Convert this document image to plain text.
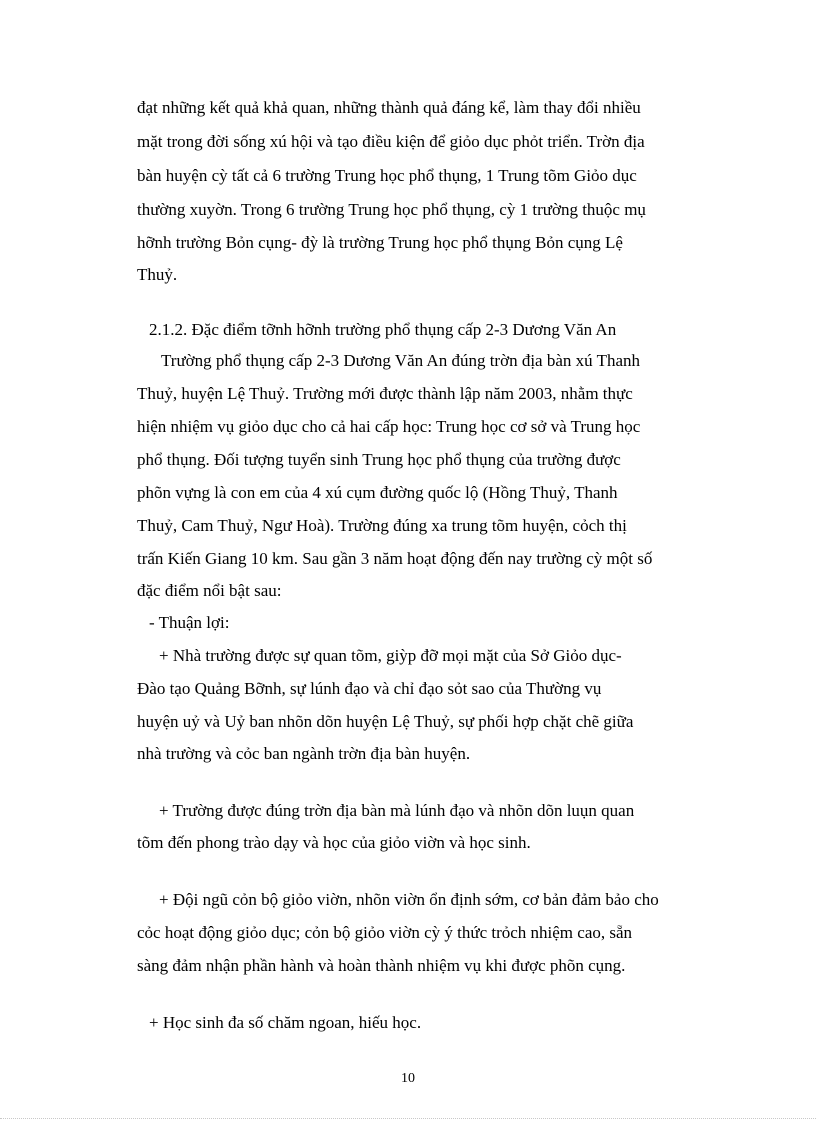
đạt những kết quả khả quan, những thành quả đáng kể, làm thay đổi nhiều
mặt trong đời sống xú hội và tạo điều kiện để giỏo dục phỏt triển. Trờn địa
bàn huyện cỳ tất cả 6 trường Trung học phổ thụng, 1 Trung tõm Giỏo dục
thường xuyờn. Trong 6 trường Trung học phổ thụng, cỳ 1 trường thuộc mụ
hỡnh trường Bỏn cụng- đỳ là trường Trung học phổ thụng Bỏn cụng Lệ
Thuỷ.
2.1.2. Đặc điểm tỡnh hỡnh trường phổ thụng cấp 2-3 Dương Văn An
Trường phổ thụng cấp 2-3 Dương Văn An đúng trờn địa bàn xú Thanh
Thuỷ, huyện Lệ Thuỷ. Trường mới được thành lập năm 2003, nhằm thực
hiện nhiệm vụ giỏo dục cho cả hai cấp học: Trung học cơ sở và Trung học
phổ thụng. Đối tượng tuyển sinh Trung học phổ thụng của trường được
phõn vựng là con em của 4 xú cụm đường quốc lộ (Hồng Thuỷ, Thanh
Thuỷ, Cam Thuỷ, Ngư Hoà). Trường đúng xa trung tõm huyện, cỏch thị
trấn Kiến Giang 10 km. Sau gần 3 năm hoạt động đến nay trường cỳ một số
đặc điểm nổi bật sau:
- Thuận lợi:
+ Nhà trường được sự quan tõm, giỳp đỡ mọi mặt của Sở Giỏo dục-
Đào tạo Quảng Bỡnh, sự lúnh đạo và chỉ đạo sỏt sao của Thường vụ
huyện uỷ và Uỷ ban nhõn dõn huyện Lệ Thuỷ, sự phối hợp chặt chẽ giữa
nhà trường và cỏc ban ngành trờn địa bàn huyện.
+ Trường được đúng trờn địa bàn mà lúnh đạo và nhõn dõn luụn quan
tõm đến phong trào dạy và học của giỏo viờn và học sinh.
+ Đội ngũ cỏn bộ giỏo viờn, nhõn viờn ổn định sớm, cơ bản đảm bảo cho
cỏc hoạt động giỏo dục; cỏn bộ giỏo viờn cỳ ý thức trỏch nhiệm cao, sẵn
sàng đảm nhận phần hành và hoàn thành nhiệm vụ khi được phõn cụng.
+ Học sinh đa số chăm ngoan, hiếu học.
10
